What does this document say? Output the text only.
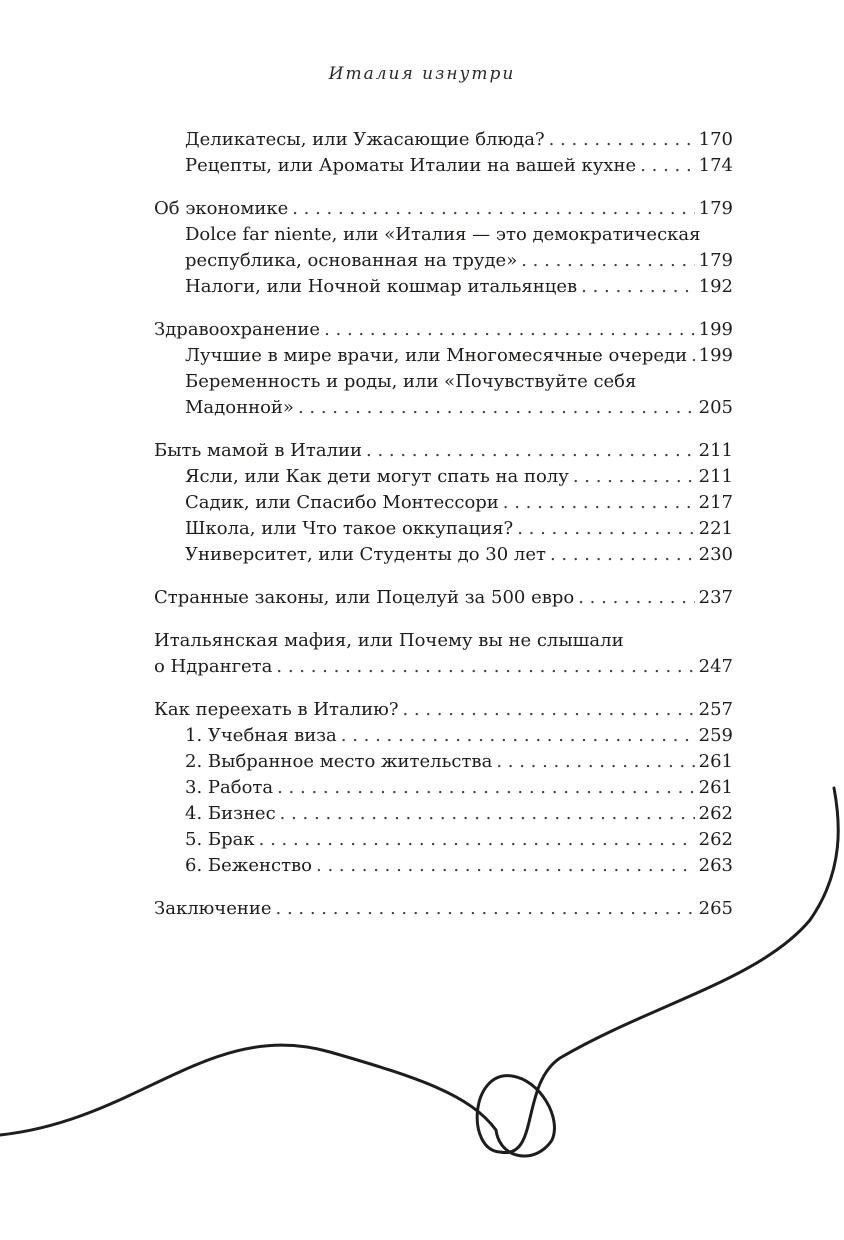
Италия изнутри
Деликатесы, или Ужасающие блюда? . . .	170
Рецепты, или Ароматы Италии на вашей кухне . . .	174
Об экономике . . .	179
Dolce far niente, или «Италия — это демократическая
республика, основанная на труде» . . .	179
Налоги, или Ночной кошмар итальянцев . . .	192
Здравоохранение . . .	199
Лучшие в мире врачи, или Многомесячные очереди . . . 199
Беременность и роды, или «Почувствуйте себя
Мадонной» . . .	205
Быть мамой в Италии . . .	211
Ясли, или Как дети могут спать на полу . . .	211
Садик, или Спасибо Монтессори . . .	217
Школа, или Что такое оккупация? . . .	221
Университет, или Студенты до 30 лет . . .	230
Странные законы, или Поцелуй за 500 евро . . .	237
Итальянская мафия, или Почему вы не слышали
о Ндрангета . . .	247
Как переехать в Италию? . . .	257
1. Учебная виза . . .	259
2. Выбранное место жительства . . .	261
3. Работа . . .	261
4. Бизнес . . .	262
5. Брак . . .	262
6. Беженство . . .	263
Заключение . . .	265
